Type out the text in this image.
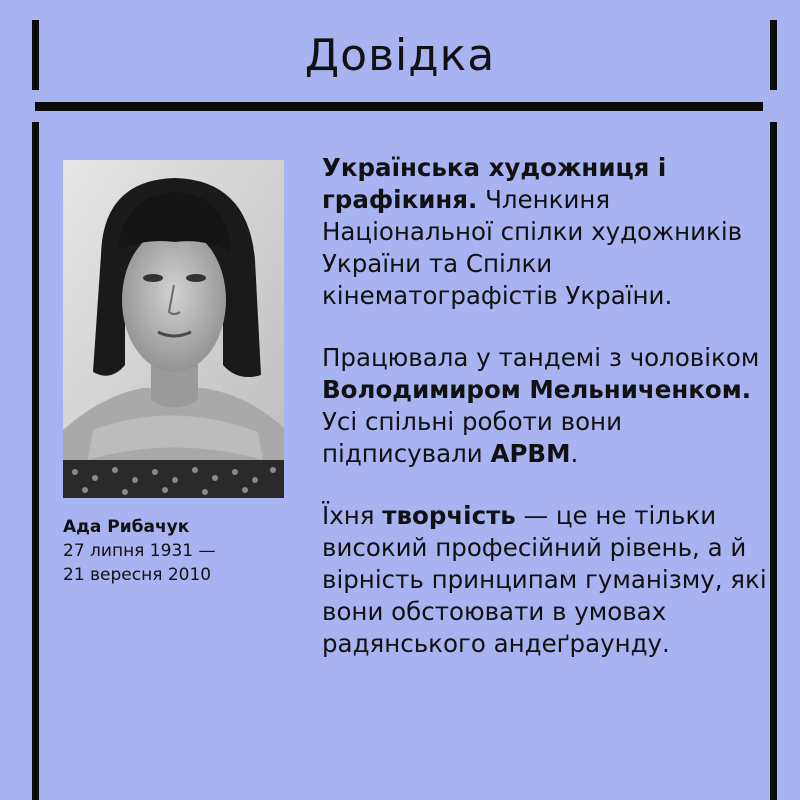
Довідка
Ада Рибачук
27 липня 1931 —
21 вересня 2010

Українська художниця і графікиня. Членкиня Національної спілки художників України та Спілки кінематографістів України.

Працювала у тандемі з чоловіком Володимиром Мельниченком. Усі спільні роботи вони підписували АРВМ.

Їхня творчість — це не тільки високий професійний рівень, а й вірність принципам гуманізму, які вони обстоювати в умовах радянського андеґраунду.
